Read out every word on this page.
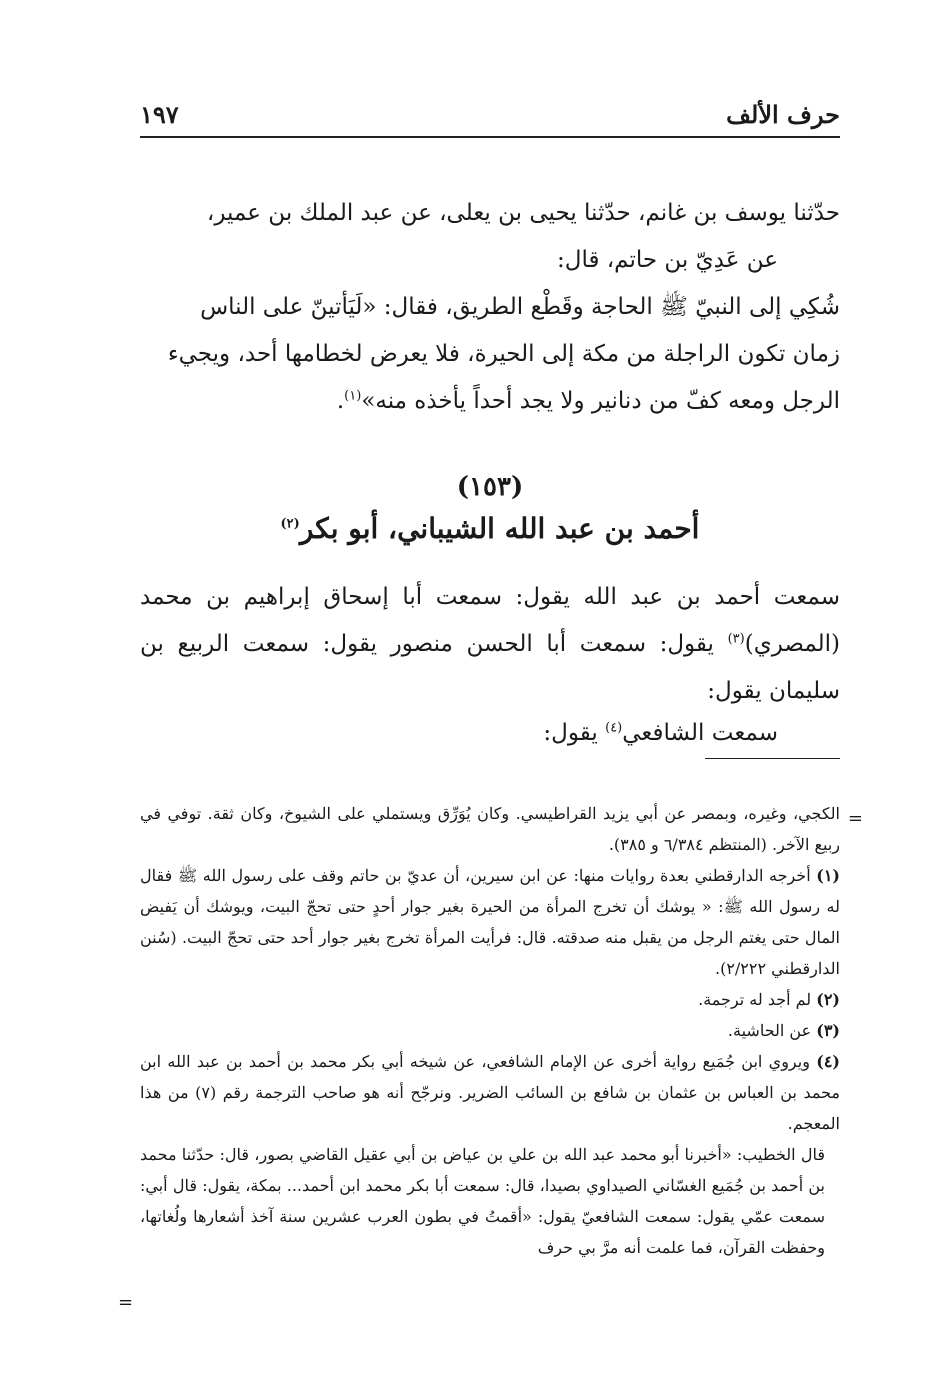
حرف الألف
١٩٧
حدّثنا يوسف بن غانم، حدّثنا يحيى بن يعلى، عن عبد الملك بن عمير،
عن عَدِيّ بن حاتم، قال:
شُكِي إلى النبيّ ﷺ الحاجة وقَطْع الطريق، فقال: «لَيَأتينّ على الناس
زمان تكون الراجلة من مكة إلى الحيرة، فلا يعرض لخطامها أحد، ويجيء
الرجل ومعه كفّ من دنانير ولا يجد أحداً يأخذه منه»$^{(١)}$.
(١٥٣)
أحمد بن عبد الله الشيباني، أبو بكر$^{(٢)}$
سمعت أحمد بن عبد الله يقول: سمعت أبا إسحاق إبراهيم بن محمد (المصري)$^{(٣)}$ يقول: سمعت أبا الحسن منصور يقول: سمعت الربيع بن سليمان يقول:
سمعت الشافعي$^{(٤)}$ يقول:
=
الكجي، وغيره، وبمصر عن أبي يزيد القراطيسي. وكان يُوَرِّق ويستملي على الشيوخ، وكان ثقة. توفي في ربيع الآخر. (المنتظم ٦/٣٨٤ و ٣٨٥).
(١) أخرجه الدارقطني بعدة روايات منها: عن ابن سيرين، أن عديّ بن حاتم وقف على رسول الله ﷺ فقال له رسول الله ﷺ: « يوشك أن تخرج المرأة من الحيرة بغير جوار أحدٍ حتى تحجّ البيت، ويوشك أن يَفيض المال حتى يغتم الرجل من يقبل منه صدقته. قال: فرأيت المرأة تخرج بغير جوار أحد حتى تحجّ البيت. (سُنن الدارقطني ٢/٢٢٢).
(٢) لم أجد له ترجمة.
(٣) عن الحاشية.
(٤) ويروي ابن جُمَيع رواية أخرى عن الإمام الشافعي، عن شيخه أبي بكر محمد بن أحمد بن عبد الله ابن محمد بن العباس بن عثمان بن شافع بن السائب الضرير. ونرجّح أنه هو صاحب الترجمة رقم (٧) من هذا المعجم.
قال الخطيب: «أخبرنا أبو محمد عبد الله بن علي بن عياض بن أبي عقيل القاضي بصور، قال: حدّثنا محمد بن أحمد بن جُمَيع الغسّاني الصيداوي بصيدا، قال: سمعت أبا بكر محمد ابن أحمد... بمكة، يقول: قال أبي: سمعت عمّي يقول: سمعت الشافعيّ يقول: «أقمتُ في بطون العرب عشرين سنة آخذ أشعارها ولُغاتها، وحفظت القرآن، فما علمت أنه مرَّ بي حرف
=
